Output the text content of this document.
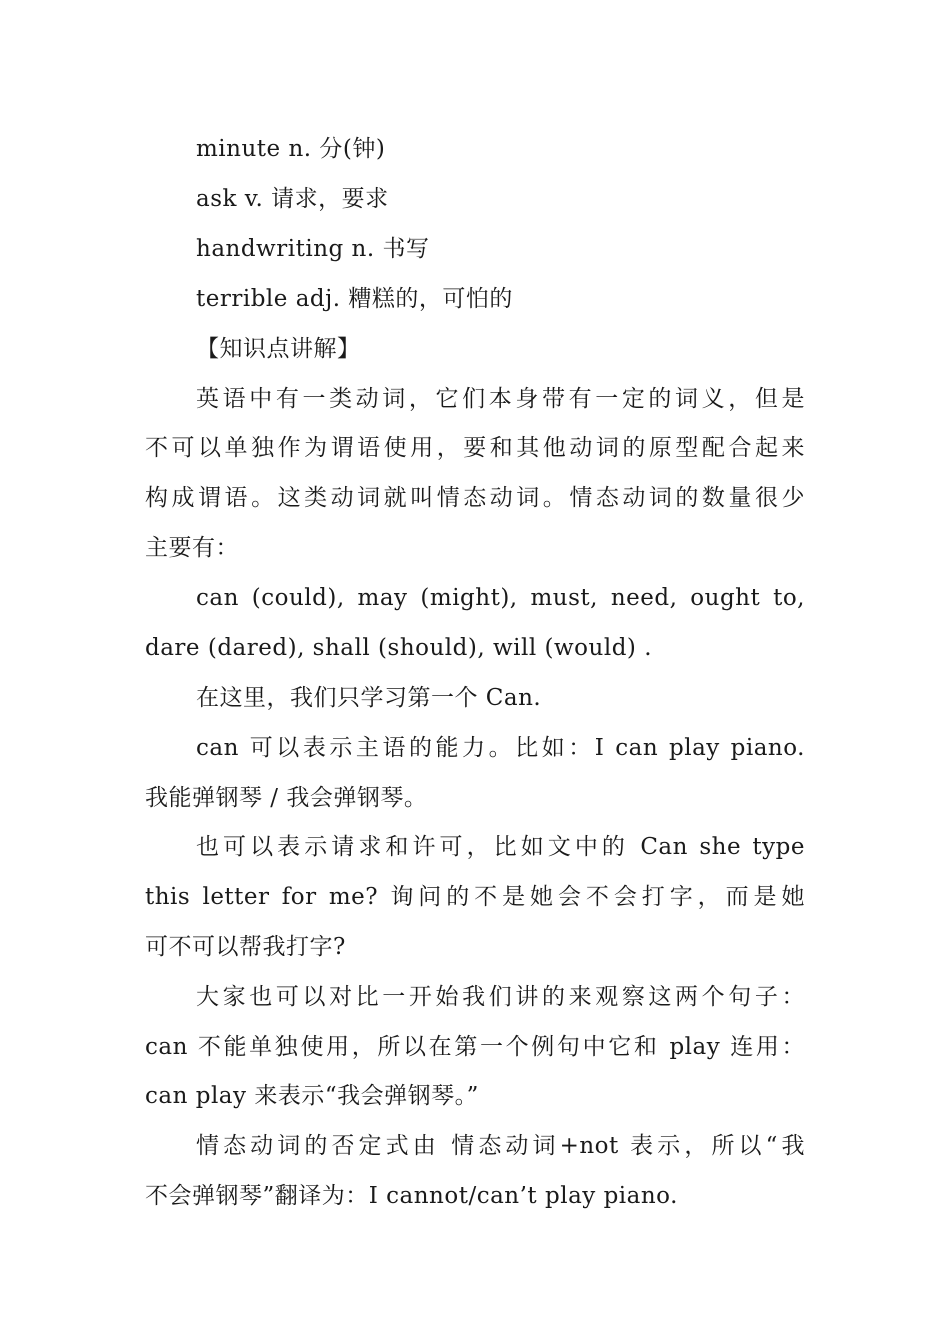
minute n. 分(钟)
ask v. 请求，要求
handwriting n. 书写
terrible adj. 糟糕的，可怕的
【知识点讲解】
英语中有一类动词，它们本身带有一定的词义，但是
不可以单独作为谓语使用，要和其他动词的原型配合起来
构成谓语。这类动词就叫情态动词。情态动词的数量很少
主要有：
can (could), may (might), must, need, ought to,
dare (dared), shall (should), will (would) .
在这里，我们只学习第一个 Can.
can 可以表示主语的能力。比如：I can play piano.
我能弹钢琴 / 我会弹钢琴。
也可以表示请求和许可，比如文中的 Can she type
this letter for me? 询问的不是她会不会打字，而是她
可不可以帮我打字?
大家也可以对比一开始我们讲的来观察这两个句子：
can 不能单独使用，所以在第一个例句中它和 play 连用：
can play 来表示“我会弹钢琴。”
情态动词的否定式由 情态动词+not 表示，所以“我
不会弹钢琴”翻译为：I cannot/can’t play piano.
